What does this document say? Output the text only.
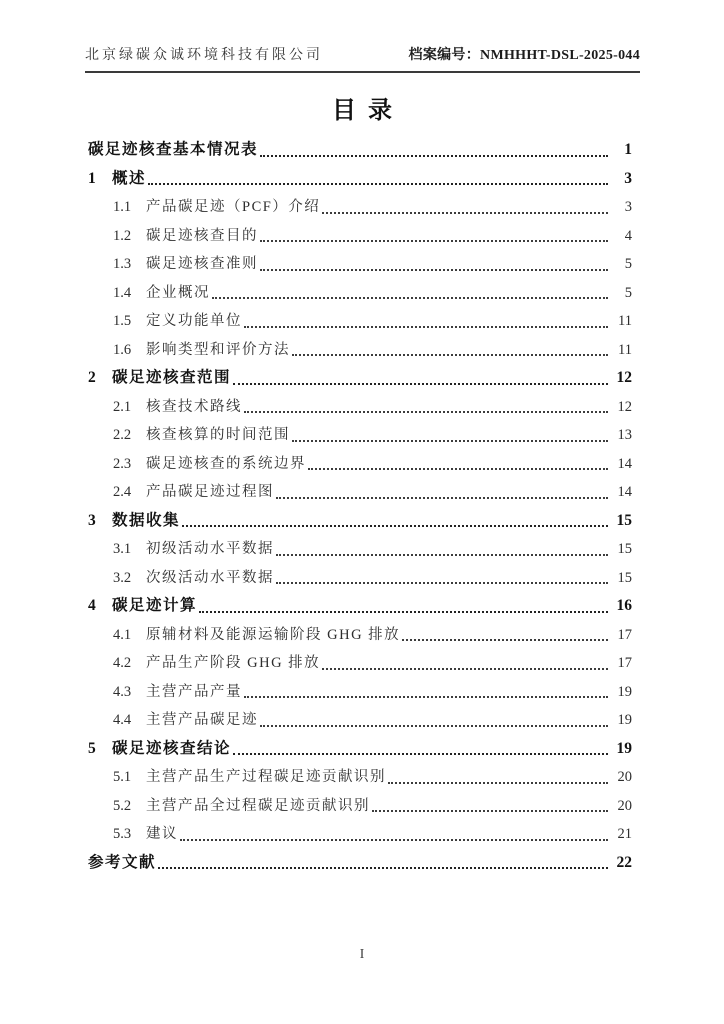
北京绿碳众诚环境科技有限公司	档案编号：NMHHHT-DSL-2025-044
目录
碳足迹核查基本情况表	1
1	概述	3
1.1	产品碳足迹（PCF）介绍	3
1.2	碳足迹核查目的	4
1.3	碳足迹核查准则	5
1.4	企业概况	5
1.5	定义功能单位	11
1.6	影响类型和评价方法	11
2	碳足迹核查范围	12
2.1	核查技术路线	12
2.2	核查核算的时间范围	13
2.3	碳足迹核查的系统边界	14
2.4	产品碳足迹过程图	14
3	数据收集	15
3.1	初级活动水平数据	15
3.2	次级活动水平数据	15
4	碳足迹计算	16
4.1	原辅材料及能源运输阶段 GHG 排放	17
4.2	产品生产阶段 GHG 排放	17
4.3	主营产品产量	19
4.4	主营产品碳足迹	19
5	碳足迹核查结论	19
5.1	主营产品生产过程碳足迹贡献识别	20
5.2	主营产品全过程碳足迹贡献识别	20
5.3	建议	21
参考文献	22
I
